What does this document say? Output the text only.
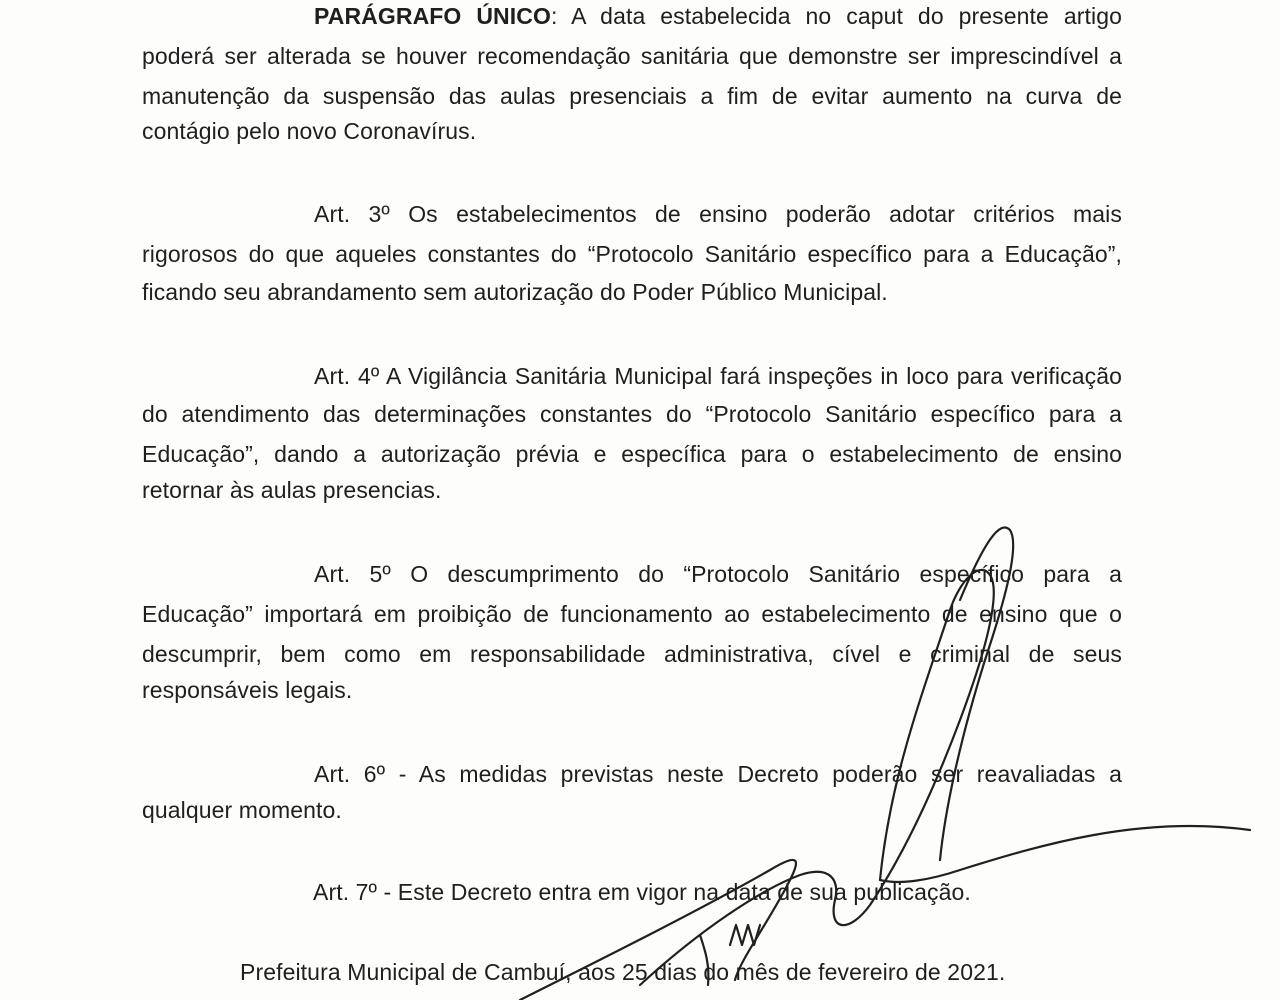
PARÁGRAFO ÚNICO: A data estabelecida no caput do presente artigo
poderá ser alterada se houver recomendação sanitária que demonstre ser imprescindível a
manutenção da suspensão das aulas presenciais a fim de evitar aumento na curva de
contágio pelo novo Coronavírus.
Art. 3º Os estabelecimentos de ensino poderão adotar critérios mais
rigorosos do que aqueles constantes do “Protocolo Sanitário específico para a Educação”,
ficando seu abrandamento sem autorização do Poder Público Municipal.
Art. 4º A Vigilância Sanitária Municipal fará inspeções in loco para verificação
do atendimento das determinações constantes do “Protocolo Sanitário específico para a
Educação”, dando a autorização prévia e específica para o estabelecimento de ensino
retornar às aulas presencias.
Art. 5º O descumprimento do “Protocolo Sanitário específico para a
Educação” importará em proibição de funcionamento ao estabelecimento de ensino que o
descumprir, bem como em responsabilidade administrativa, cível e criminal de seus
responsáveis legais.
Art. 6º - As medidas previstas neste Decreto poderão ser reavaliadas a
qualquer momento.
Art. 7º - Este Decreto entra em vigor na data de sua publicação.
Prefeitura Municipal de Cambuí, aos 25 dias do mês de fevereiro de 2021.
